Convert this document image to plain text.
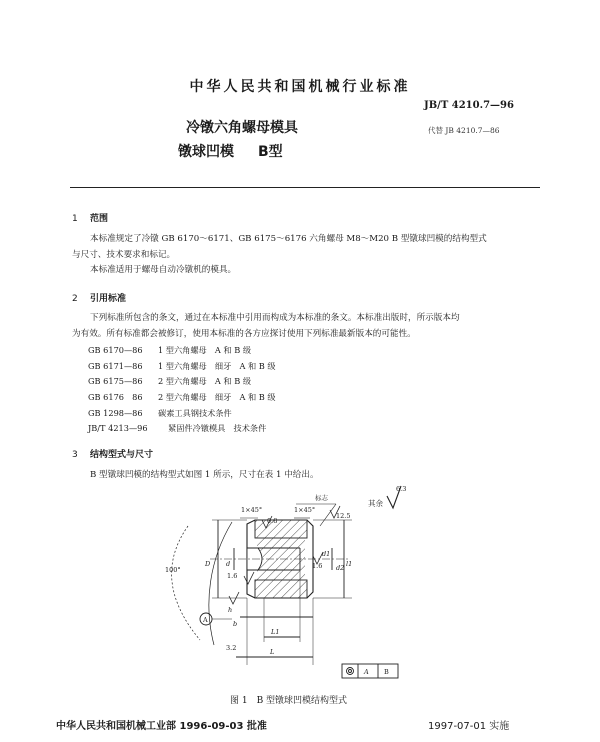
中华人民共和国机械行业标准
JB/T 4210.7—96
冷镦六角螺母模具	代替 JB 4210.7—86
镦球凹模 B型
1 范围
本标准规定了冷镦 GB 6170～6171、GB 6175～6176 六角螺母 M8～M20 B 型镦球凹模的结构型式
与尺寸、技术要求和标记。
本标准适用于螺母自动冷镦机的模具。
2 引用标准
下列标准所包含的条文，通过在本标准中引用而构成为本标准的条文。本标准出版时，所示版本均
为有效。所有标准都会被修订，使用本标准的各方应探讨使用下列标准最新版本的可能性。
GB 6170—86 1 型六角螺母　A 和 B 级
GB 6171—86 1 型六角螺母　细牙　A 和 B 级
GB 6175—86 2 型六角螺母　A 和 B 级
GB 6176　86 2 型六角螺母　细牙　A 和 B 级
GB 1298—86 碳素工具钢技术条件
JB/T 4213—96 紧固件冷镦模具　技术条件
3 结构型式与尺寸
B 型镦球凹模的结构型式如图 1 所示，尺寸在表 1 中给出。
1×45°	1×45°
标志
0.8
12.5
6.3
其余
1.6
1.6
100°
D d
d1
d2 l1
L
L1
h
b
3.2
A
A B
图 1　B 型镦球凹模结构型式
中华人民共和国机械工业部 1996-09-03 批准	1997-07-01 实施
